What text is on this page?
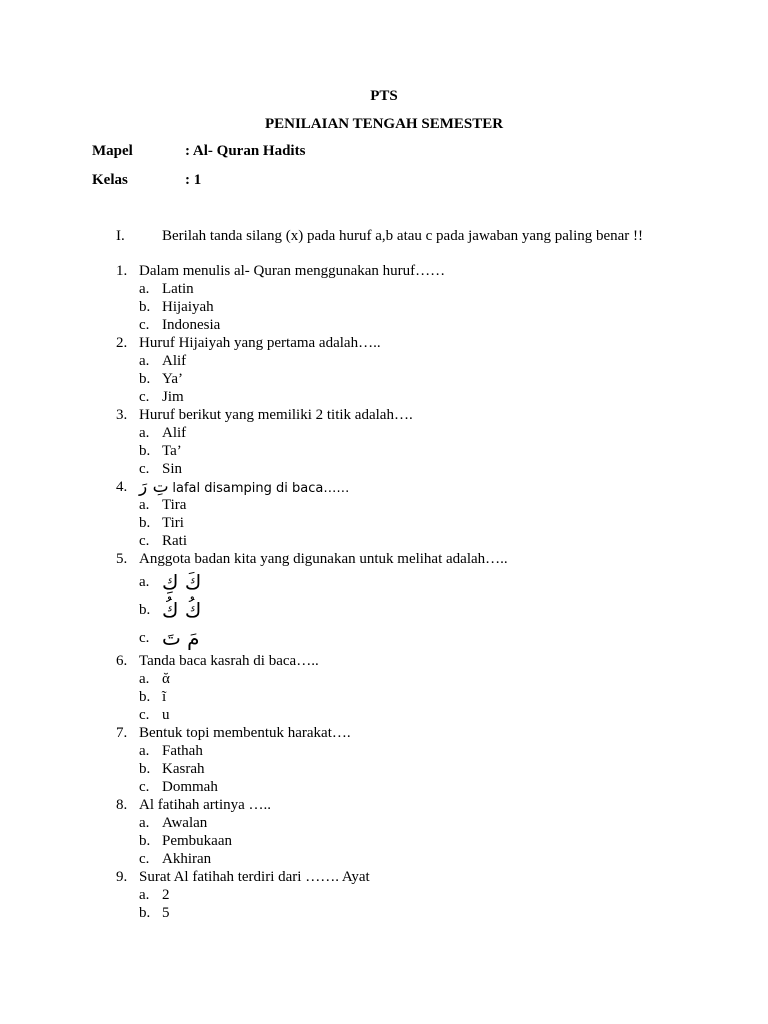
PTS
PENILAIAN TENGAH SEMESTER
Mapel	: Al- Quran Hadits
Kelas	: 1
I. Berilah tanda silang (x) pada huruf a,b atau c pada jawaban yang paling benar !!
1. Dalam menulis al- Quran menggunakan huruf……
a. Latin
b. Hijaiyah
c. Indonesia
2. Huruf Hijaiyah yang pertama adalah…..
a. Alif
b. Ya’
c. Jim
3. Huruf berikut yang memiliki 2 titik adalah….
a. Alif
b. Ta’
c. Sin
4. تِ رَ lafal disamping di baca……
a. Tira
b. Tiri
c. Rati
5. Anggota badan kita yang digunakan untuk melihat adalah…..
a. كَ كِ
b. كُ كُ
c. مَ تَ
6. Tanda baca kasrah di baca…..
a. ᾰ
b. ĩ
c. u
7. Bentuk topi membentuk harakat….
a. Fathah
b. Kasrah
c. Dommah
8. Al fatihah artinya …..
a. Awalan
b. Pembukaan
c. Akhiran
9. Surat Al fatihah terdiri dari ……. Ayat
a. 2
b. 5
